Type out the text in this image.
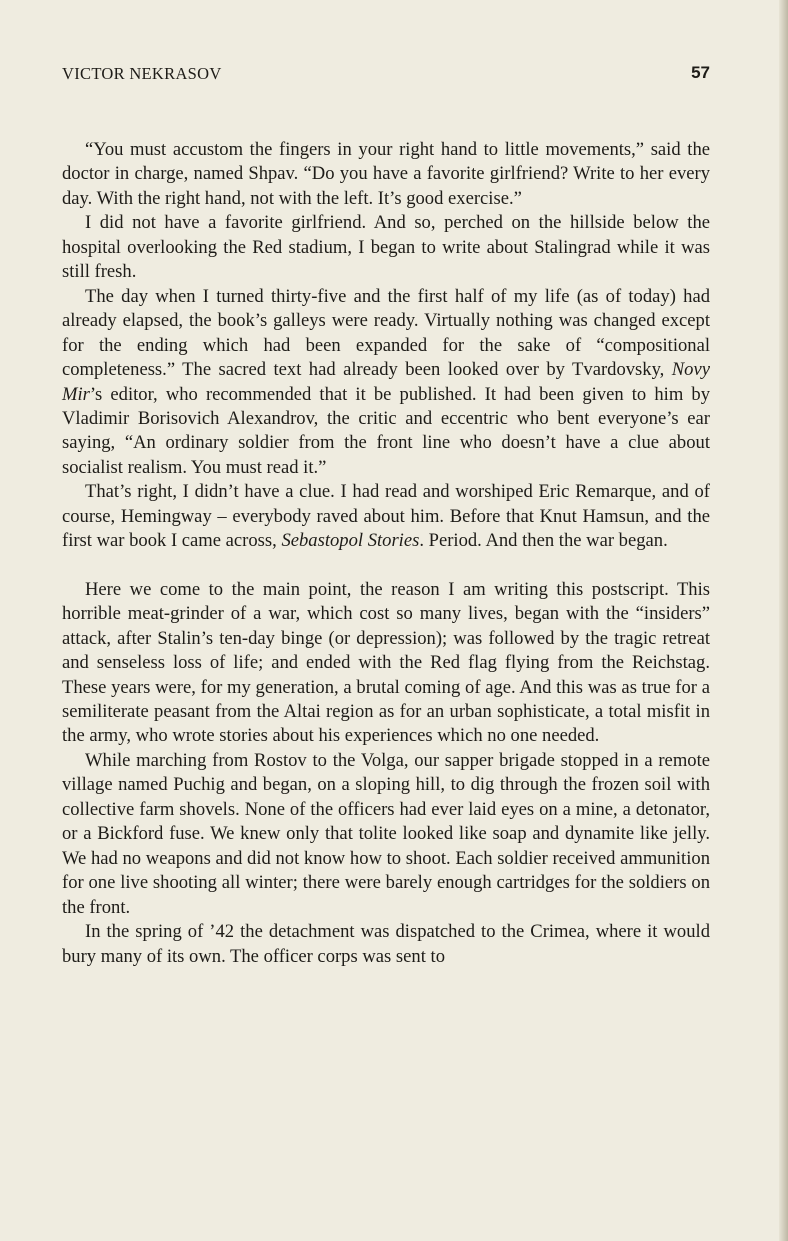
VICTOR NEKRASOV	57

“You must accustom the fingers in your right hand to little movements,” said the doctor in charge, named Shpav. “Do you have a favorite girlfriend? Write to her every day. With the right hand, not with the left. It’s good exercise.”

I did not have a favorite girlfriend. And so, perched on the hillside below the hospital overlooking the Red stadium, I began to write about Stalingrad while it was still fresh.

The day when I turned thirty-five and the first half of my life (as of today) had already elapsed, the book’s galleys were ready. Virtually nothing was changed except for the ending which had been expanded for the sake of “compositional completeness.” The sacred text had already been looked over by Tvardovsky, Novy Mir’s editor, who recommended that it be published. It had been given to him by Vladimir Borisovich Alexandrov, the critic and eccentric who bent everyone’s ear saying, “An ordinary soldier from the front line who doesn’t have a clue about socialist realism. You must read it.”

That’s right, I didn’t have a clue. I had read and worshiped Eric Remarque, and of course, Hemingway – everybody raved about him. Before that Knut Hamsun, and the first war book I came across, Sebastopol Stories. Period. And then the war began.

Here we come to the main point, the reason I am writing this postscript. This horrible meat-grinder of a war, which cost so many lives, began with the “insiders” attack, after Stalin’s ten-day binge (or depression); was followed by the tragic retreat and senseless loss of life; and ended with the Red flag flying from the Reichstag. These years were, for my generation, a brutal coming of age. And this was as true for a semiliterate peasant from the Altai region as for an urban sophisticate, a total misfit in the army, who wrote stories about his experiences which no one needed.

While marching from Rostov to the Volga, our sapper brigade stopped in a remote village named Puchig and began, on a sloping hill, to dig through the frozen soil with collective farm shovels. None of the officers had ever laid eyes on a mine, a detonator, or a Bickford fuse. We knew only that tolite looked like soap and dynamite like jelly. We had no weapons and did not know how to shoot. Each soldier received ammunition for one live shooting all winter; there were barely enough cartridges for the soldiers on the front.

In the spring of ’42 the detachment was dispatched to the Crimea, where it would bury many of its own. The officer corps was sent to
